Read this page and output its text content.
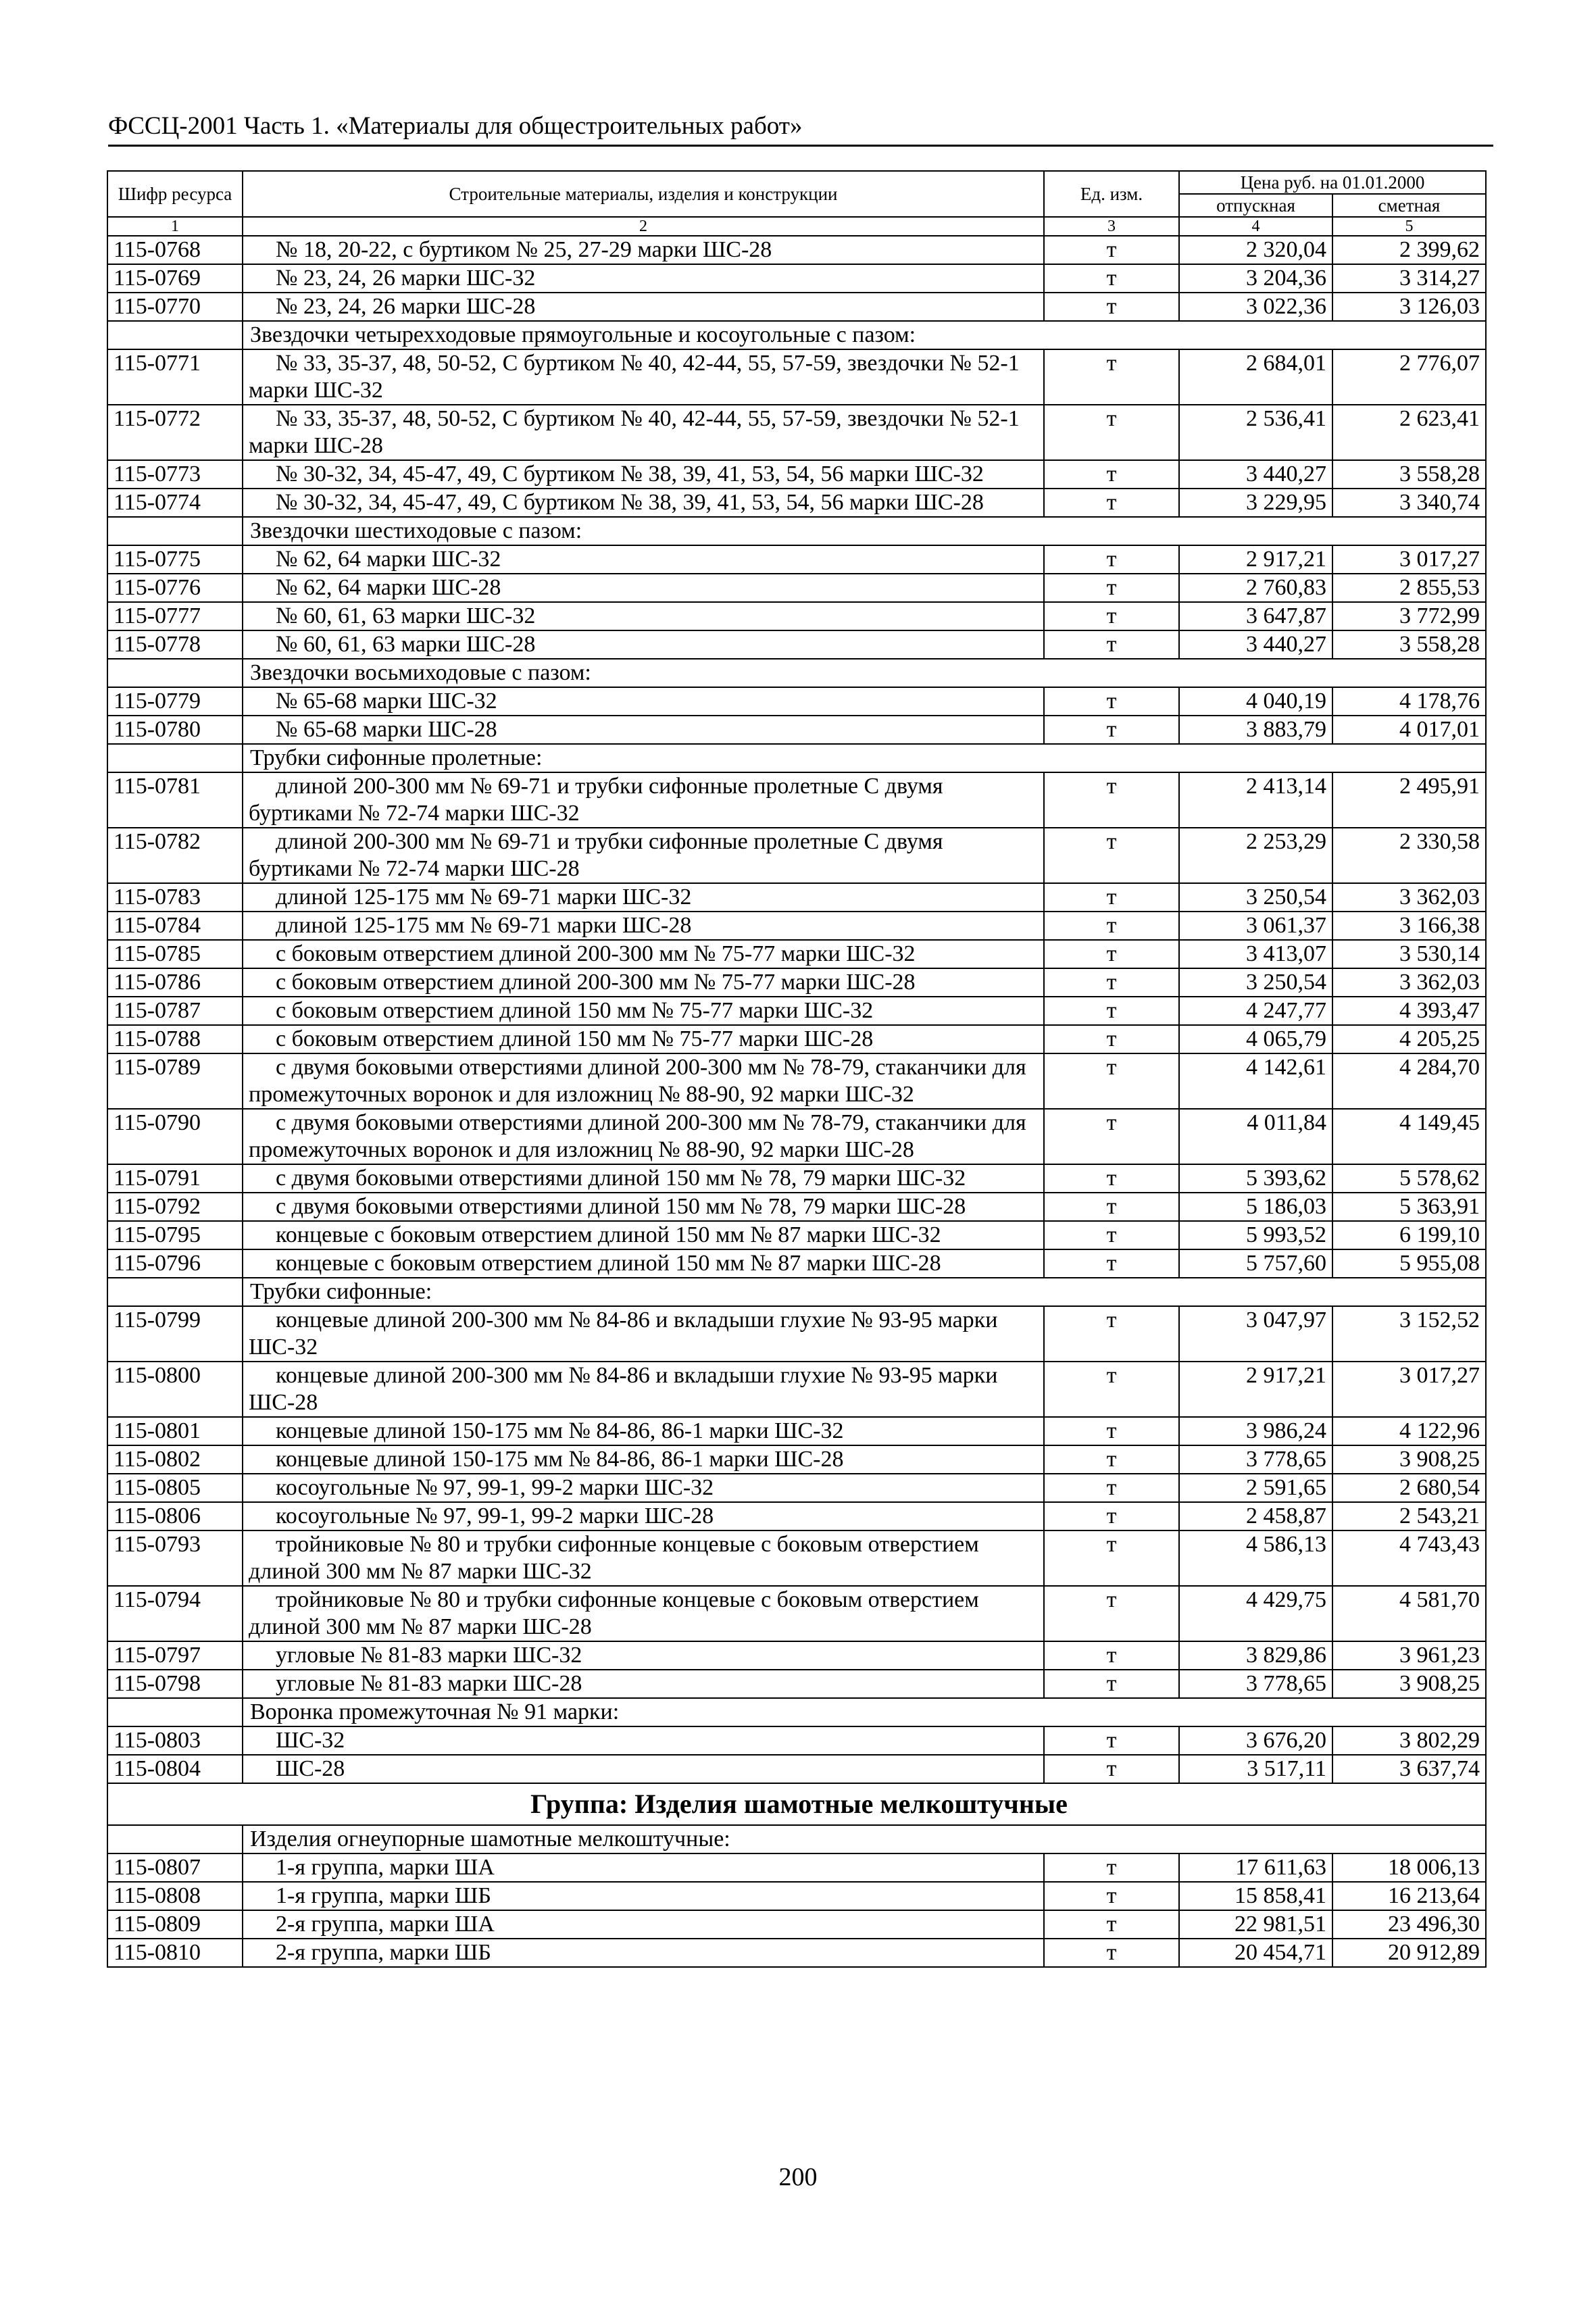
ФССЦ-2001 Часть 1. «Материалы для общестроительных работ»
Шифр ресурса	Строительные материалы, изделия и конструкции	Ед. изм.	Цена руб. на 01.01.2000	
			отпускная	сметная
1	2	3	4	5
115-0768	№ 18, 20-22, с буртиком № 25, 27-29 марки ШС-28	т	2 320,04	2 399,62
115-0769	№ 23, 24, 26 марки ШС-32	т	3 204,36	3 314,27
115-0770	№ 23, 24, 26 марки ШС-28	т	3 022,36	3 126,03
	Звездочки четырехходовые прямоугольные и косоугольные с пазом:			
115-0771	№ 33, 35-37, 48, 50-52, С буртиком № 40, 42-44, 55, 57-59, звездочки № 52-1 марки ШС-32	т	2 684,01	2 776,07
115-0772	№ 33, 35-37, 48, 50-52, С буртиком № 40, 42-44, 55, 57-59, звездочки № 52-1 марки ШС-28	т	2 536,41	2 623,41
115-0773	№ 30-32, 34, 45-47, 49, С буртиком № 38, 39, 41, 53, 54, 56 марки ШС-32	т	3 440,27	3 558,28
115-0774	№ 30-32, 34, 45-47, 49, С буртиком № 38, 39, 41, 53, 54, 56 марки ШС-28	т	3 229,95	3 340,74
	Звездочки шестиходовые с пазом:			
115-0775	№ 62, 64 марки ШС-32	т	2 917,21	3 017,27
115-0776	№ 62, 64 марки ШС-28	т	2 760,83	2 855,53
115-0777	№ 60, 61, 63 марки ШС-32	т	3 647,87	3 772,99
115-0778	№ 60, 61, 63 марки ШС-28	т	3 440,27	3 558,28
	Звездочки восьмиходовые с пазом:			
115-0779	№ 65-68 марки ШС-32	т	4 040,19	4 178,76
115-0780	№ 65-68 марки ШС-28	т	3 883,79	4 017,01
	Трубки сифонные пролетные:			
115-0781	длиной 200-300 мм № 69-71 и трубки сифонные пролетные С двумя буртиками № 72-74 марки ШС-32	т	2 413,14	2 495,91
115-0782	длиной 200-300 мм № 69-71 и трубки сифонные пролетные С двумя буртиками № 72-74 марки ШС-28	т	2 253,29	2 330,58
115-0783	длиной 125-175 мм № 69-71 марки ШС-32	т	3 250,54	3 362,03
115-0784	длиной 125-175 мм № 69-71 марки ШС-28	т	3 061,37	3 166,38
115-0785	с боковым отверстием длиной 200-300 мм № 75-77 марки ШС-32	т	3 413,07	3 530,14
115-0786	с боковым отверстием длиной 200-300 мм № 75-77 марки ШС-28	т	3 250,54	3 362,03
115-0787	с боковым отверстием длиной 150 мм № 75-77 марки ШС-32	т	4 247,77	4 393,47
115-0788	с боковым отверстием длиной 150 мм № 75-77 марки ШС-28	т	4 065,79	4 205,25
115-0789	с двумя боковыми отверстиями длиной 200-300 мм № 78-79, стаканчики для промежуточных воронок и для изложниц № 88-90, 92 марки ШС-32	т	4 142,61	4 284,70
115-0790	с двумя боковыми отверстиями длиной 200-300 мм № 78-79, стаканчики для промежуточных воронок и для изложниц № 88-90, 92 марки ШС-28	т	4 011,84	4 149,45
115-0791	с двумя боковыми отверстиями длиной 150 мм № 78, 79 марки ШС-32	т	5 393,62	5 578,62
115-0792	с двумя боковыми отверстиями длиной 150 мм № 78, 79 марки ШС-28	т	5 186,03	5 363,91
115-0795	концевые с боковым отверстием длиной 150 мм № 87 марки ШС-32	т	5 993,52	6 199,10
115-0796	концевые с боковым отверстием длиной 150 мм № 87 марки ШС-28	т	5 757,60	5 955,08
	Трубки сифонные:			
115-0799	концевые длиной 200-300 мм № 84-86 и вкладыши глухие № 93-95 марки ШС-32	т	3 047,97	3 152,52
115-0800	концевые длиной 200-300 мм № 84-86 и вкладыши глухие № 93-95 марки ШС-28	т	2 917,21	3 017,27
115-0801	концевые длиной 150-175 мм № 84-86, 86-1 марки ШС-32	т	3 986,24	4 122,96
115-0802	концевые длиной 150-175 мм № 84-86, 86-1 марки ШС-28	т	3 778,65	3 908,25
115-0805	косоугольные № 97, 99-1, 99-2 марки ШС-32	т	2 591,65	2 680,54
115-0806	косоугольные № 97, 99-1, 99-2 марки ШС-28	т	2 458,87	2 543,21
115-0793	тройниковые № 80 и трубки сифонные концевые с боковым отверстием длиной 300 мм № 87 марки ШС-32	т	4 586,13	4 743,43
115-0794	тройниковые № 80 и трубки сифонные концевые с боковым отверстием длиной 300 мм № 87 марки ШС-28	т	4 429,75	4 581,70
115-0797	угловые № 81-83 марки ШС-32	т	3 829,86	3 961,23
115-0798	угловые № 81-83 марки ШС-28	т	3 778,65	3 908,25
	Воронка промежуточная № 91 марки:			
115-0803	ШС-32	т	3 676,20	3 802,29
115-0804	ШС-28	т	3 517,11	3 637,74
	Группа: Изделия шамотные мелкоштучные			
	Изделия огнеупорные шамотные мелкоштучные:			
115-0807	1-я группа, марки ША	т	17 611,63	18 006,13
115-0808	1-я группа, марки ШБ	т	15 858,41	16 213,64
115-0809	2-я группа, марки ША	т	22 981,51	23 496,30
115-0810	2-я группа, марки ШБ	т	20 454,71	20 912,89
200
